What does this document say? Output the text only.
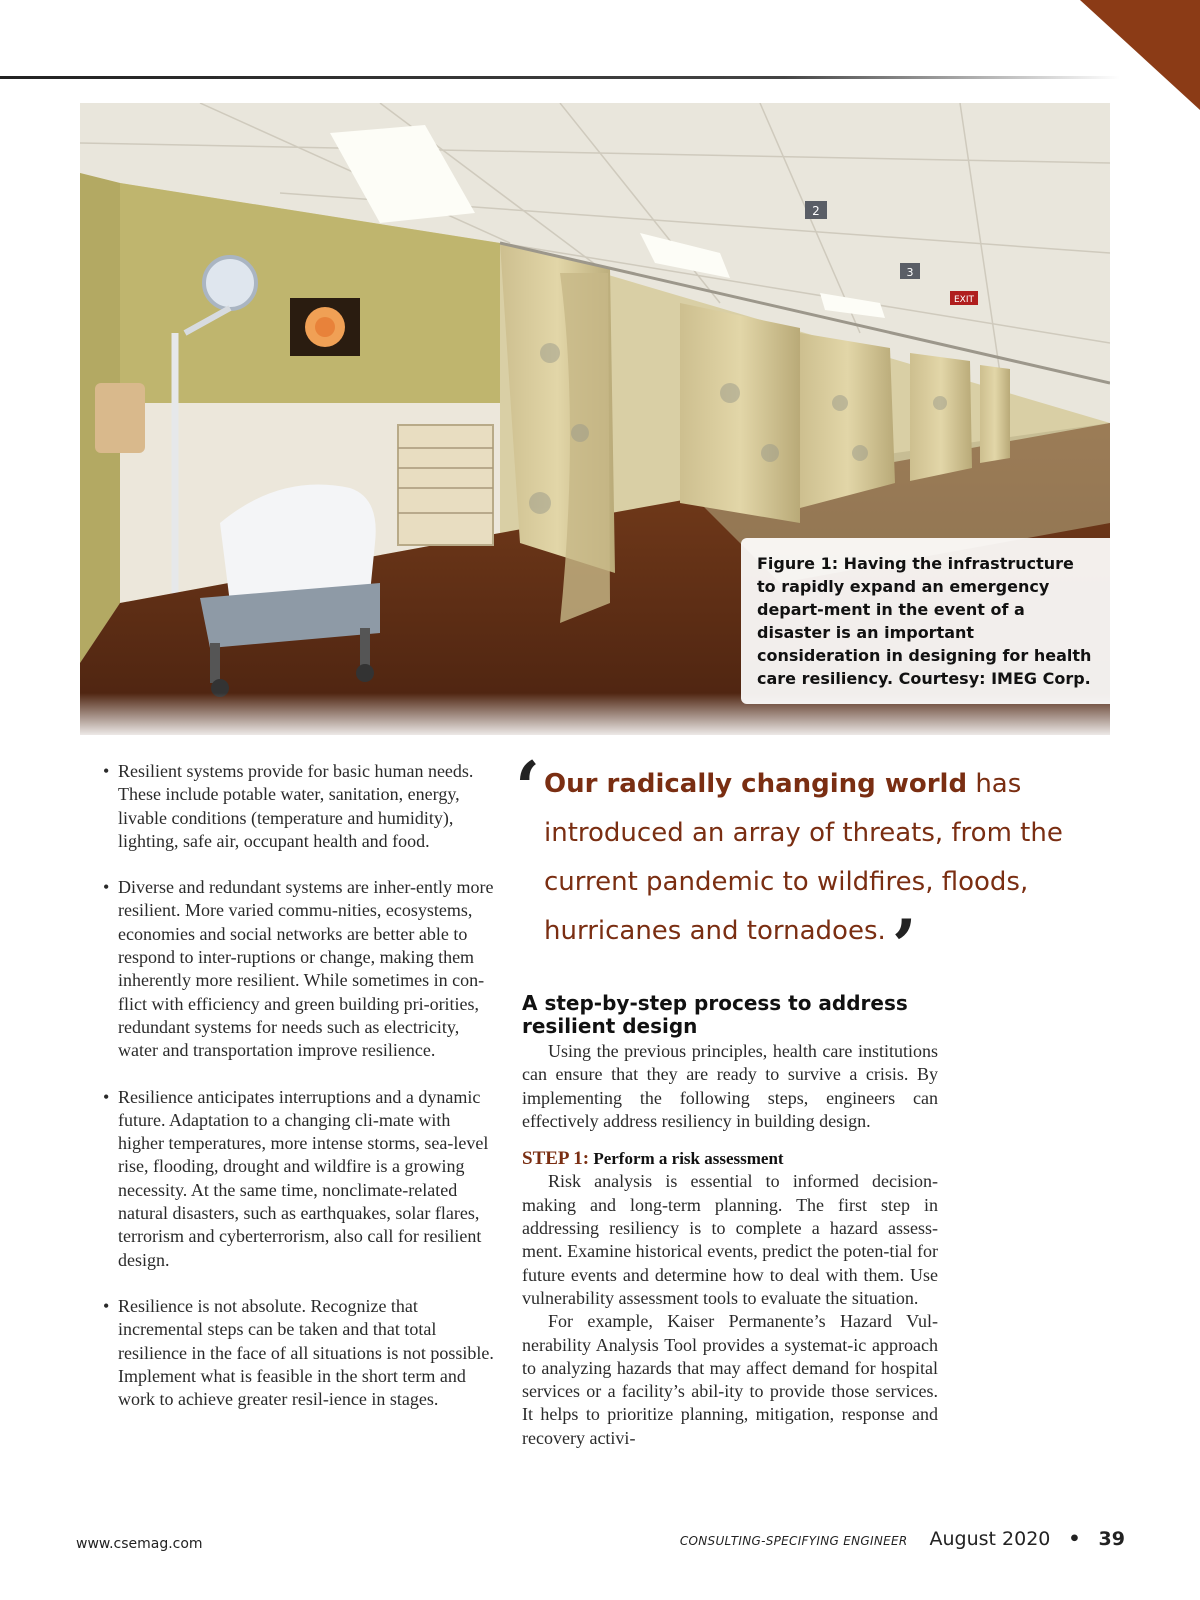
2
3
EXIT
Figure 1: Having the infrastructure to rapidly expand an emergency depart-ment in the event of a disaster is an important consideration in designing for health care resiliency. Courtesy: IMEG Corp.
• Resilient systems provide for basic human needs. These include potable water, sanitation, energy, livable conditions (temperature and humidity), lighting, safe air, occupant health and food.
• Diverse and redundant systems are inher-ently more resilient. More varied commu-nities, ecosystems, economies and social networks are better able to respond to inter-ruptions or change, making them inherently more resilient. While sometimes in con-flict with efficiency and green building pri-orities, redundant systems for needs such as electricity, water and transportation improve resilience.
• Resilience anticipates interruptions and a dynamic future. Adaptation to a changing cli-mate with higher temperatures, more intense storms, sea-level rise, flooding, drought and wildfire is a growing necessity. At the same time, nonclimate-related natural disasters, such as earthquakes, solar flares, terrorism and cyberterrorism, also call for resilient design.
• Resilience is not absolute. Recognize that incremental steps can be taken and that total resilience in the face of all situations is not possible. Implement what is feasible in the short term and work to achieve greater resil-ience in stages.
‘ Our radically changing world has introduced an array of threats, from the current pandemic to wildfires, floods, hurricanes and tornadoes.’
A step-by-step process to address resilient design

Using the previous principles, health care institutions can ensure that they are ready to survive a crisis. By implementing the following steps, engineers can effectively address resiliency in building design.

STEP 1: Perform a risk assessment

Risk analysis is essential to informed decision-making and long-term planning. The first step in addressing resiliency is to complete a hazard assess-ment. Examine historical events, predict the poten-tial for future events and determine how to deal with them. Use vulnerability assessment tools to evaluate the situation.

For example, Kaiser Permanente’s Hazard Vul-nerability Analysis Tool provides a systemat-ic approach to analyzing hazards that may affect demand for hospital services or a facility’s abil-ity to provide those services. It helps to prioritize planning, mitigation, response and recovery activi-

www.csemag.com	CONSULTING-SPECIFYING ENGINEER August 2020 • 39
